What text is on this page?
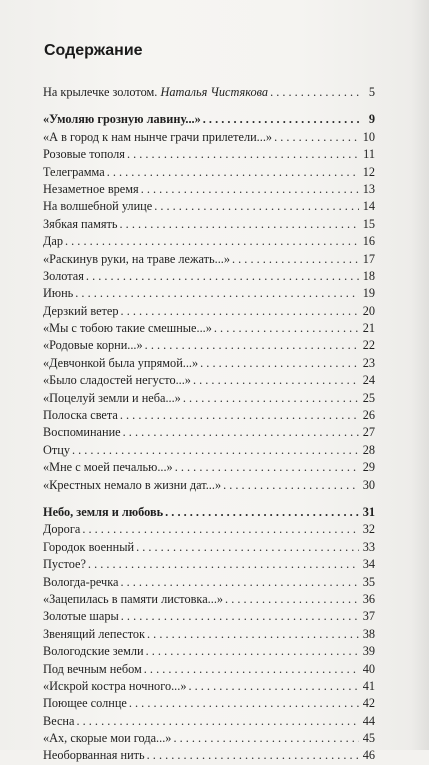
Содержание
На крылечке золотом. Наталья Чистякова . . .	5
«Умоляю грозную лавину...» . . .	9
«А в город к нам нынче грачи прилетели...» . . .	10
Розовые тополя . . .	11
Телеграмма . . .	12
Незаметное время . . .	13
На волшебной улице . . .	14
Зябкая память . . .	15
Дар . . .	16
«Раскинув руки, на траве лежать...» . . .	17
Золотая . . .	18
Июнь . . .	19
Дерзкий ветер . . .	20
«Мы с тобою такие смешные...» . . .	21
«Родовые корни...» . . .	22
«Девчонкой была упрямой...» . . .	23
«Было сладостей негусто...» . . .	24
«Поцелуй земли и неба...» . . .	25
Полоска света . . .	26
Воспоминание . . .	27
Отцу . . .	28
«Мне с моей печалью...» . . .	29
«Крестных немало в жизни дат...» . . .	30
Небо, земля и любовь . . .	31
Дорога . . .	32
Городок военный . . .	33
Пустое? . . .	34
Вологда-речка . . .	35
«Зацепилась в памяти листовка...» . . .	36
Золотые шары . . .	37
Звенящий лепесток . . .	38
Вологодские земли . . .	39
Под вечным небом . . .	40
«Искрой костра ночного...» . . .	41
Поющее солнце . . .	42
Весна . . .	44
«Ах, скорые мои года...» . . .	45
Необорванная нить . . .	46
